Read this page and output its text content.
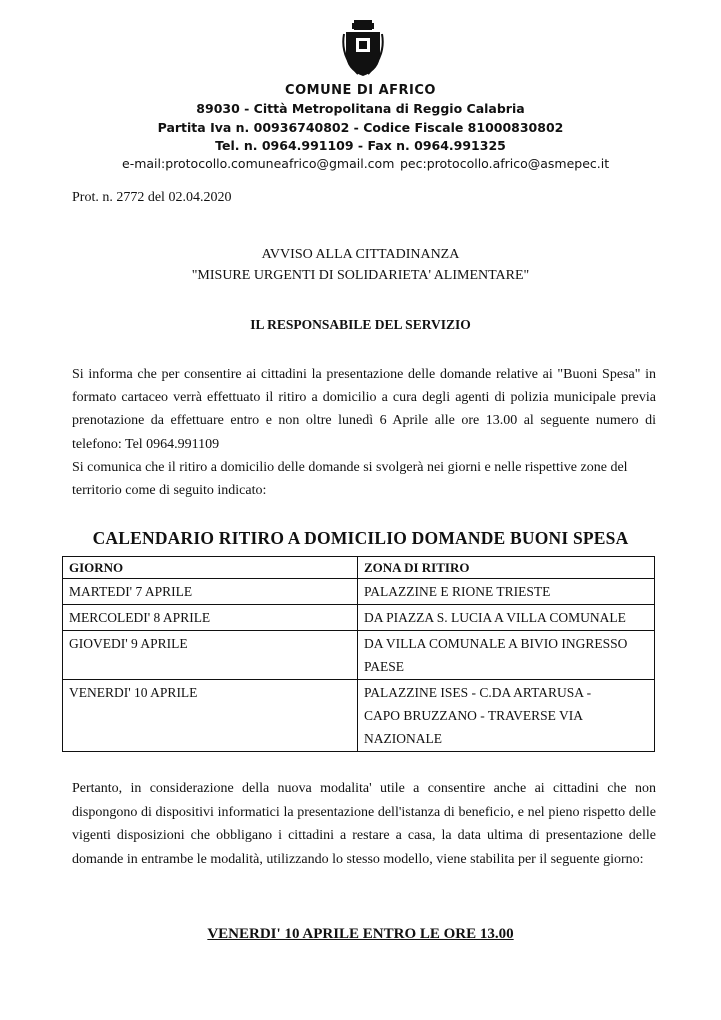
COMUNE DI AFRICO
89030 - Città Metropolitana di Reggio Calabria
Partita Iva n. 00936740802 - Codice Fiscale 81000830802
Tel. n. 0964.991109 - Fax n. 0964.991325
e-mail:protocollo.comuneafrico@gmail.com pec:protocollo.africo@asmepec.it
Prot. n. 2772 del 02.04.2020
AVVISO ALLA CITTADINANZA
"MISURE URGENTI DI SOLIDARIETA' ALIMENTARE"
IL RESPONSABILE DEL SERVIZIO
Si informa che per consentire ai cittadini la presentazione delle domande relative ai "Buoni Spesa" in formato cartaceo verrà effettuato il ritiro a domicilio a cura degli agenti di polizia municipale previa prenotazione da effettuare entro e non oltre lunedì 6 Aprile alle ore 13.00 al seguente numero di telefono: Tel 0964.991109
Si comunica che il ritiro a domicilio delle domande si svolgerà nei giorni e nelle rispettive zone del territorio come di seguito indicato:
CALENDARIO RITIRO A DOMICILIO DOMANDE BUONI SPESA
GIORNO	ZONA DI RITIRO
MARTEDI' 7 APRILE	PALAZZINE E RIONE TRIESTE
MERCOLEDI' 8 APRILE	DA PIAZZA S. LUCIA A VILLA COMUNALE
GIOVEDI' 9 APRILE	DA VILLA COMUNALE A BIVIO INGRESSO PAESE
VENERDI' 10 APRILE	PALAZZINE ISES - C.DA ARTARUSA - CAPO BRUZZANO - TRAVERSE VIA NAZIONALE
Pertanto, in considerazione della nuova modalita' utile a consentire anche ai cittadini che non dispongono di dispositivi informatici la presentazione dell'istanza di beneficio, e nel pieno rispetto delle vigenti disposizioni che obbligano i cittadini a restare a casa, la data ultima di presentazione delle domande in entrambe le modalità, utilizzando lo stesso modello, viene stabilita per il seguente giorno:
VENERDI' 10 APRILE ENTRO LE ORE 13.00
